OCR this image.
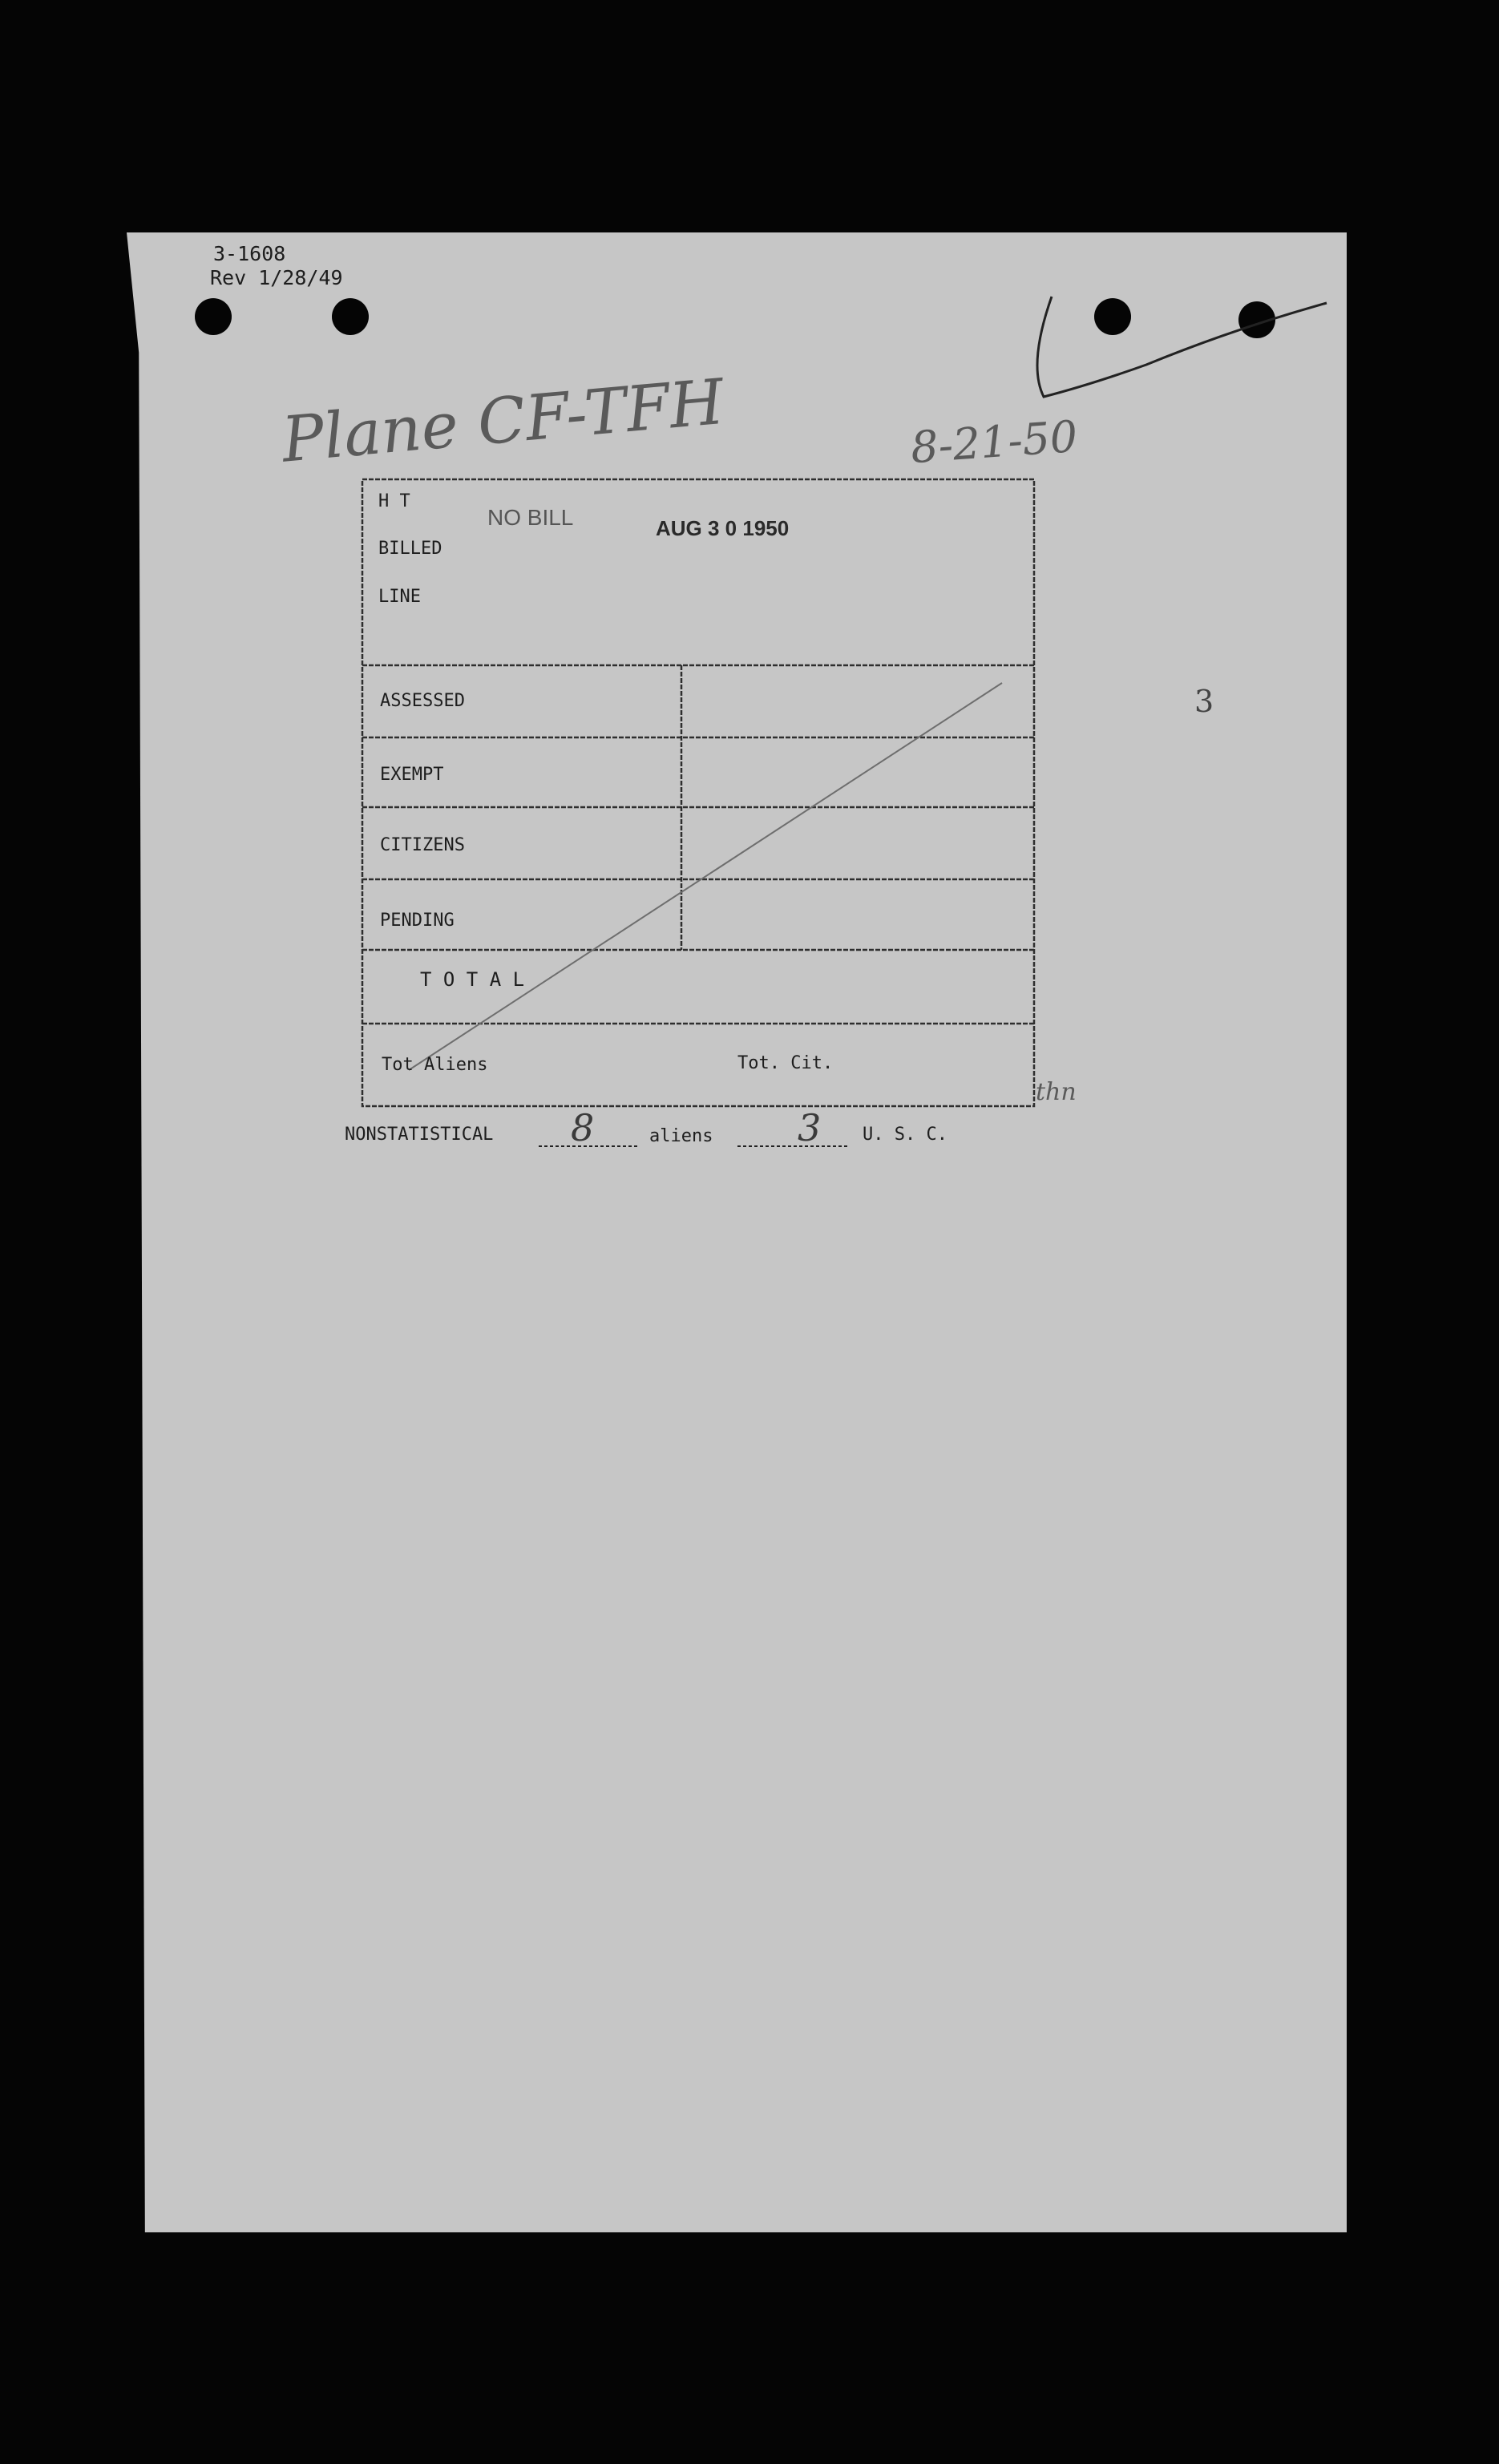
3-1608
Rev 1/28/49
Plane CF-TFH	8-21-50
3
thn
NO BILL	AUG 3 0 1950
H T
BILLED
LINE
ASSESSED
EXEMPT
CITIZENS
PENDING
T O T A L
Tot Aliens	Tot. Cit.
NONSTATISTICAL 8	aliens 3 U. S. C.
